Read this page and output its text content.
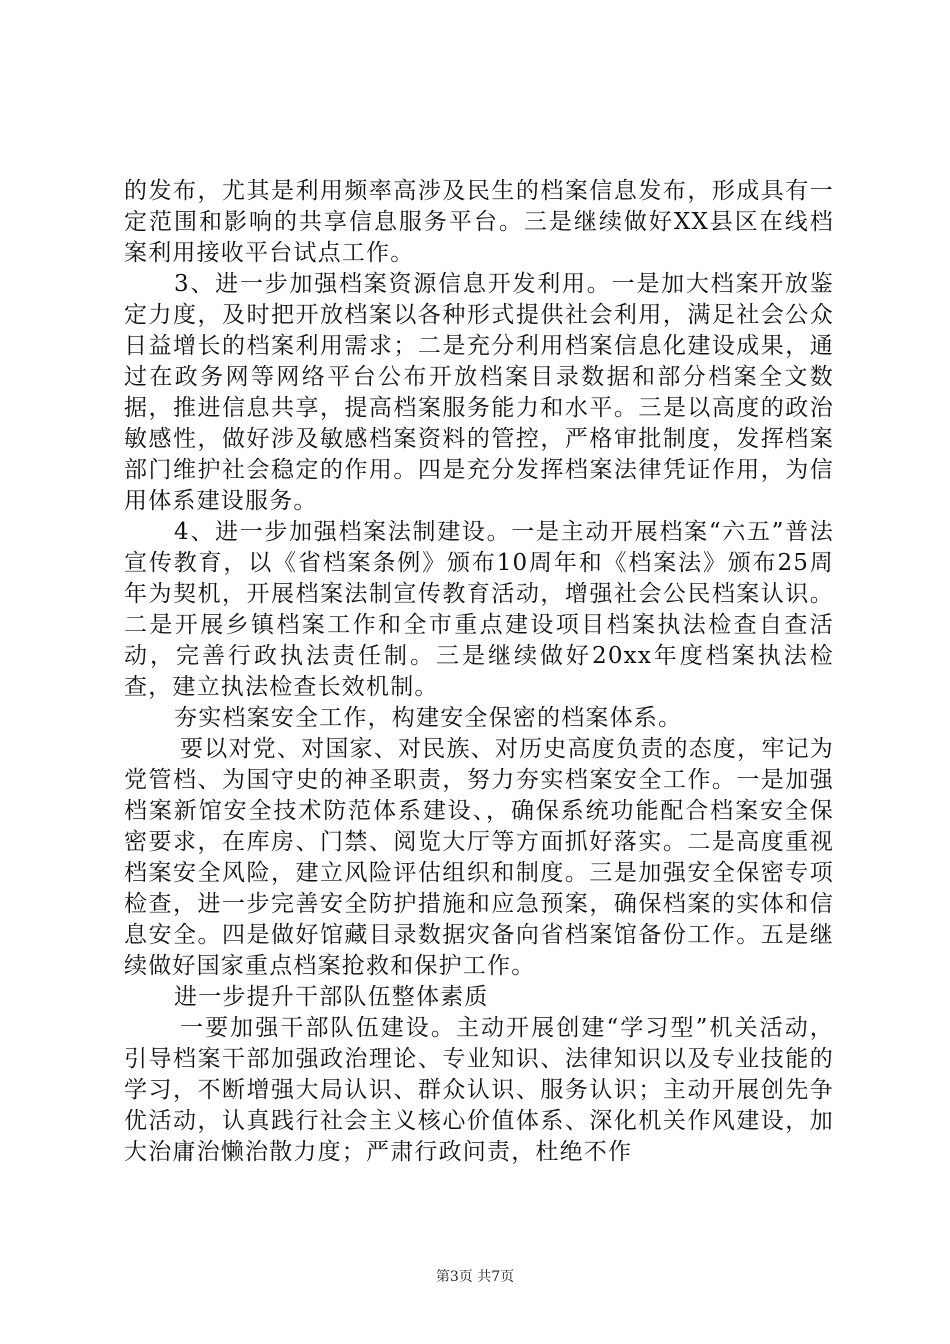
的发布，尤其是利用频率高涉及民生的档案信息发布，形成具有一定范围和影响的共享信息服务平台。三是继续做好XX县区在线档案利用接收平台试点工作。

3、进一步加强档案资源信息开发利用。一是加大档案开放鉴定力度，及时把开放档案以各种形式提供社会利用，满足社会公众日益增长的档案利用需求；二是充分利用档案信息化建设成果，通过在政务网等网络平台公布开放档案目录数据和部分档案全文数据，推进信息共享，提高档案服务能力和水平。三是以高度的政治敏感性，做好涉及敏感档案资料的管控，严格审批制度，发挥档案部门维护社会稳定的作用。四是充分发挥档案法律凭证作用，为信用体系建设服务。

4、进一步加强档案法制建设。一是主动开展档案“六五”普法宣传教育，以《省档案条例》颁布10周年和《档案法》颁布25周年为契机，开展档案法制宣传教育活动，增强社会公民档案认识。二是开展乡镇档案工作和全市重点建设项目档案执法检查自查活动，完善行政执法责任制。三是继续做好20xx年度档案执法检查，建立执法检查长效机制。

夯实档案安全工作，构建安全保密的档案体系。

要以对党、对国家、对民族、对历史高度负责的态度，牢记为党管档、为国守史的神圣职责，努力夯实档案安全工作。一是加强档案新馆安全技术防范体系建设、，确保系统功能配合档案安全保密要求，在库房、门禁、阅览大厅等方面抓好落实。二是高度重视档案安全风险，建立风险评估组织和制度。三是加强安全保密专项检查，进一步完善安全防护措施和应急预案，确保档案的实体和信息安全。四是做好馆藏目录数据灾备向省档案馆备份工作。五是继续做好国家重点档案抢救和保护工作。

进一步提升干部队伍整体素质

一要加强干部队伍建设。主动开展创建“学习型”机关活动，引导档案干部加强政治理论、专业知识、法律知识以及专业技能的学习，不断增强大局认识、群众认识、服务认识；主动开展创先争优活动，认真践行社会主义核心价值体系、深化机关作风建设，加大治庸治懒治散力度；严肃行政问责，杜绝不作

第3页 共7页
